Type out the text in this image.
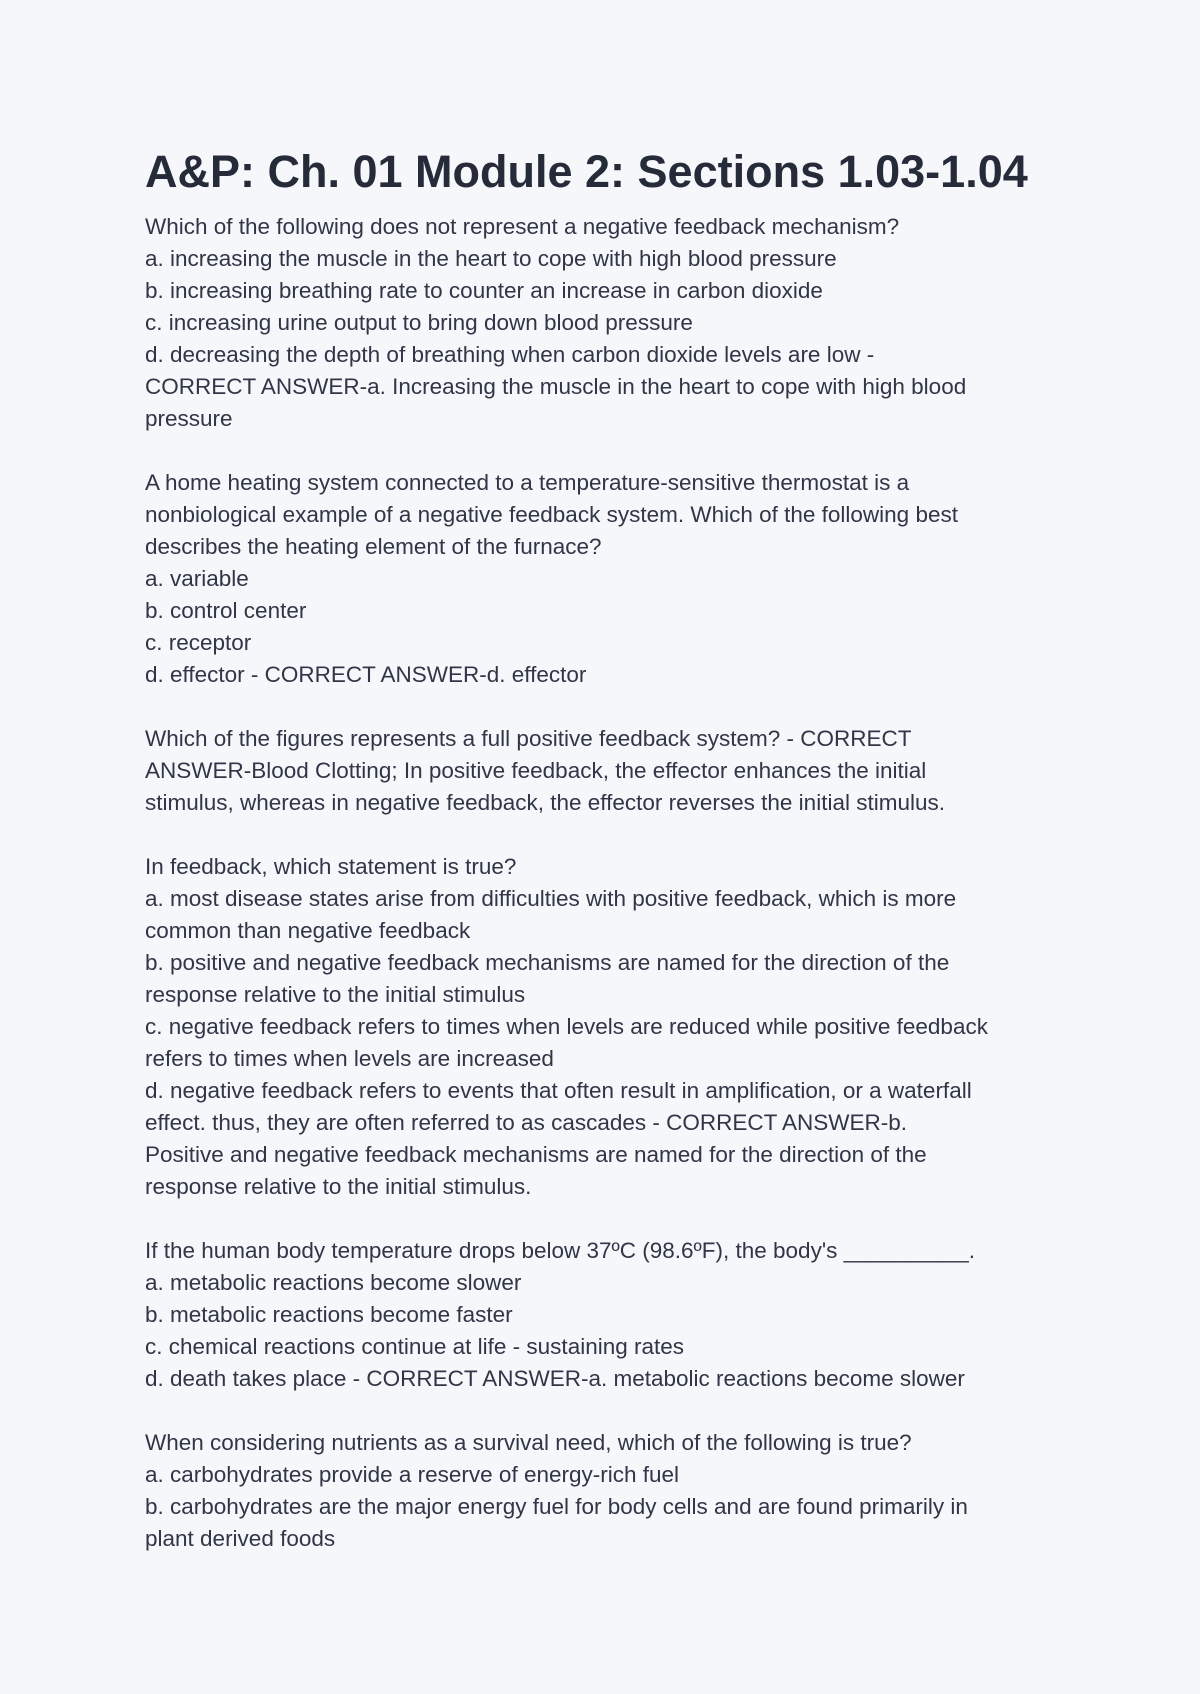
A&P: Ch. 01 Module 2: Sections 1.03-1.04
Which of the following does not represent a negative feedback mechanism?
a. increasing the muscle in the heart to cope with high blood pressure
b. increasing breathing rate to counter an increase in carbon dioxide
c. increasing urine output to bring down blood pressure
d. decreasing the depth of breathing when carbon dioxide levels are low -
CORRECT ANSWER-a. Increasing the muscle in the heart to cope with high blood
pressure
A home heating system connected to a temperature-sensitive thermostat is a
nonbiological example of a negative feedback system. Which of the following best
describes the heating element of the furnace?
a. variable
b. control center
c. receptor
d. effector - CORRECT ANSWER-d. effector
Which of the figures represents a full positive feedback system? - CORRECT
ANSWER-Blood Clotting; In positive feedback, the effector enhances the initial
stimulus, whereas in negative feedback, the effector reverses the initial stimulus.
In feedback, which statement is true?
a. most disease states arise from difficulties with positive feedback, which is more
common than negative feedback
b. positive and negative feedback mechanisms are named for the direction of the
response relative to the initial stimulus
c. negative feedback refers to times when levels are reduced while positive feedback
refers to times when levels are increased
d. negative feedback refers to events that often result in amplification, or a waterfall
effect. thus, they are often referred to as cascades - CORRECT ANSWER-b.
Positive and negative feedback mechanisms are named for the direction of the
response relative to the initial stimulus.
If the human body temperature drops below 37ºC (98.6ºF), the body's __________.
a. metabolic reactions become slower
b. metabolic reactions become faster
c. chemical reactions continue at life - sustaining rates
d. death takes place - CORRECT ANSWER-a. metabolic reactions become slower
When considering nutrients as a survival need, which of the following is true?
a. carbohydrates provide a reserve of energy-rich fuel
b. carbohydrates are the major energy fuel for body cells and are found primarily in
plant derived foods
